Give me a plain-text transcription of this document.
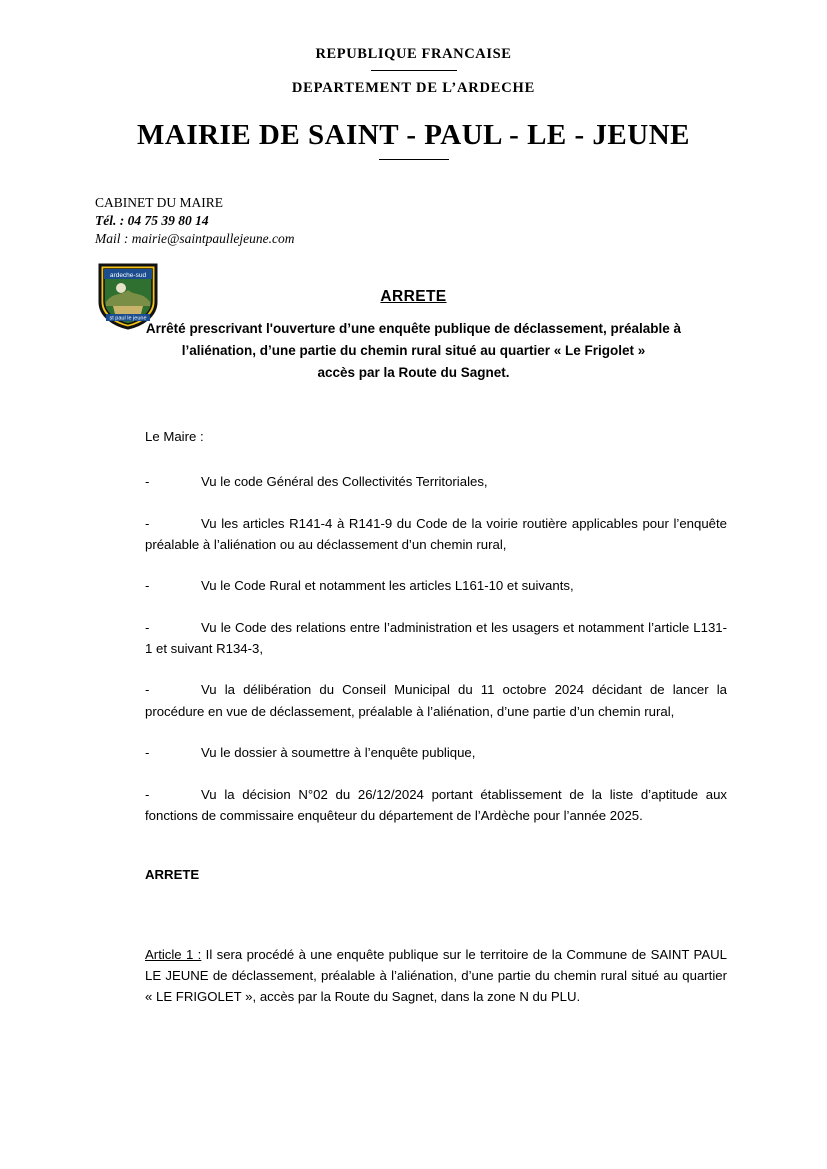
REPUBLIQUE FRANCAISE
DEPARTEMENT DE L’ARDECHE
MAIRIE DE SAINT - PAUL - LE - JEUNE
CABINET DU MAIRE
Tél. : 04 75 39 80 14
Mail : mairie@saintpaullejeune.com
ardeche-sud
st paul le jeune
ARRETE
Arrêté prescrivant l'ouverture d’une enquête publique de déclassement, préalable à l’aliénation, d’une partie du chemin rural situé au quartier « Le Frigolet »
accès par la Route du Sagnet.

Le Maire :

-	Vu le code Général des Collectivités Territoriales,

-	Vu les articles R141-4 à R141-9 du Code de la voirie routière applicables pour l’enquête préalable à l’aliénation ou au déclassement d’un chemin rural,

-	Vu le Code Rural et notamment les articles L161-10 et suivants,

-	Vu le Code des relations entre l’administration et les usagers et notamment l’article L131-1 et suivant R134-3,

-	Vu la délibération du Conseil Municipal du 11 octobre 2024 décidant de lancer la procédure en vue de déclassement, préalable à l’aliénation, d’une partie d’un chemin rural,

-	Vu le dossier à soumettre à l’enquête publique,

-	Vu la décision N°02 du 26/12/2024 portant établissement de la liste d’aptitude aux fonctions de commissaire enquêteur du département de l’Ardèche pour l’année 2025.

ARRETE

Article 1 : Il sera procédé à une enquête publique sur le territoire de la Commune de SAINT PAUL LE JEUNE de déclassement, préalable à l’aliénation, d’une partie du chemin rural situé au quartier « LE FRIGOLET », accès par la Route du Sagnet, dans la zone N du PLU.
